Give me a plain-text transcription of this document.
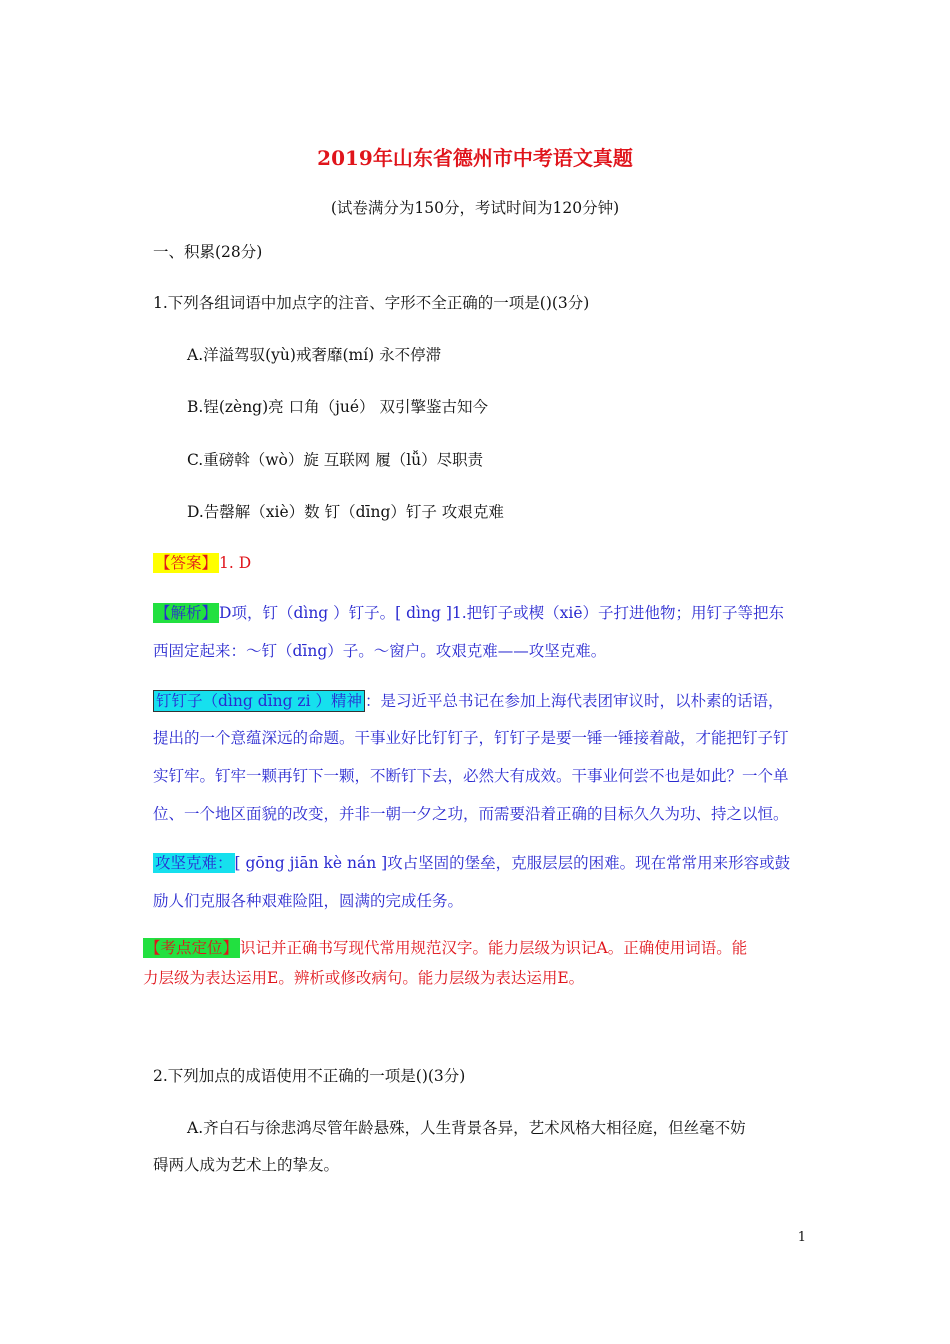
2019年山东省德州市中考语文真题
(试卷满分为150分，考试时间为120分钟)
一、积累(28分)
1.下列各组词语中加点字的注音、字形不全正确的一项是()(3分)
A.洋溢驾驭(yù)戒奢靡(mí) 永不停滞
B.锃(zèng)亮 口角（jué） 双引擎鉴古知今
C.重磅斡（wò）旋 互联网 履（lǚ）尽职责
D.告罄解（xiè）数 钉（dīng）钉子 攻艰克难
【答案】 1. D
【解析】 D项，钉（dìng ）钉子。[ dìng ]1.把钉子或楔（xiē）子打进他物；用钉子等把东
西固定起来：～钉（dīng）子。～窗户。攻艰克难——攻坚克难。
钉钉子（dìng dīng zi ）精神 ：是习近平总书记在参加上海代表团审议时，以朴素的话语，
提出的一个意蕴深远的命题。干事业好比钉钉子，钉钉子是要一锤一锤接着敲，才能把钉子钉
实钉牢。钉牢一颗再钉下一颗，不断钉下去，必然大有成效。干事业何尝不也是如此？一个单
位、一个地区面貌的改变，并非一朝一夕之功，而需要沿着正确的目标久久为功、持之以恒。
攻坚克难： [ gōng jiān kè nán ]攻占坚固的堡垒，克服层层的困难。现在常常用来形容或鼓
励人们克服各种艰难险阻，圆满的完成任务。
【考点定位】 识记并正确书写现代常用规范汉字。能力层级为识记A。正确使用词语。能
力层级为表达运用E。辨析或修改病句。能力层级为表达运用E。
2.下列加点的成语使用不正确的一项是()(3分)
A.齐白石与徐悲鸿尽管年龄悬殊，人生背景各异，艺术风格大相径庭，但丝毫不妨
碍两人成为艺术上的挚友。
1
